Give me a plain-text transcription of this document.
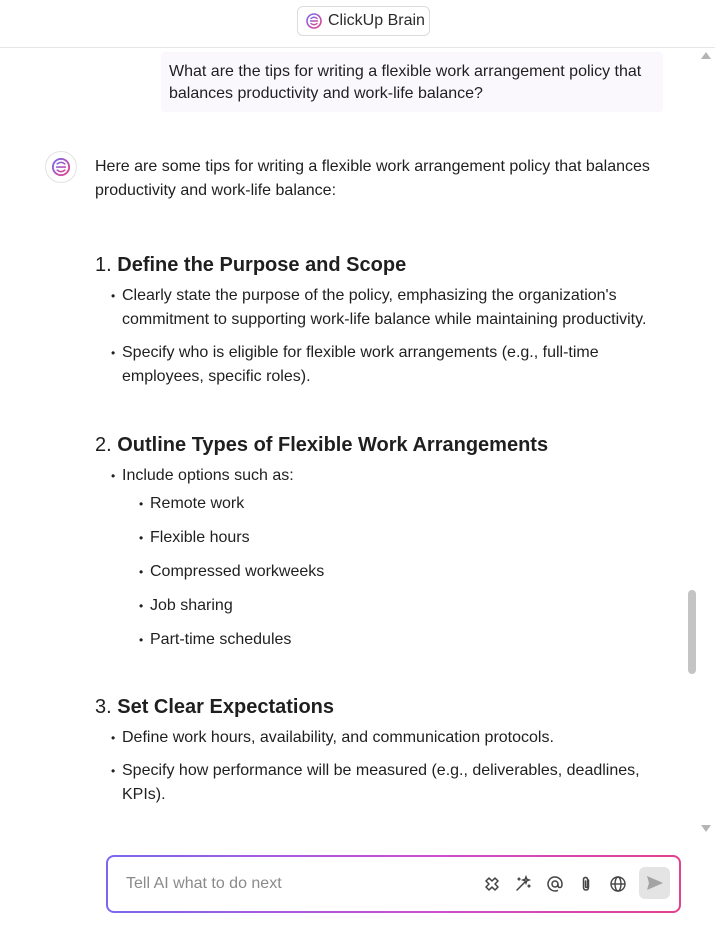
ClickUp Brain
What are the tips for writing a flexible work arrangement policy that balances productivity and work-life balance?

Here are some tips for writing a flexible work arrangement policy that balances productivity and work-life balance:

1. Define the Purpose and Scope
• Clearly state the purpose of the policy, emphasizing the organization's commitment to supporting work-life balance while maintaining productivity.
• Specify who is eligible for flexible work arrangements (e.g., full-time employees, specific roles).
2. Outline Types of Flexible Work Arrangements
• Include options such as:
• Remote work
• Flexible hours
• Compressed workweeks
• Job sharing
• Part-time schedules
3. Set Clear Expectations
• Define work hours, availability, and communication protocols.
• Specify how performance will be measured (e.g., deliverables, deadlines, KPIs).
Tell AI what to do next
